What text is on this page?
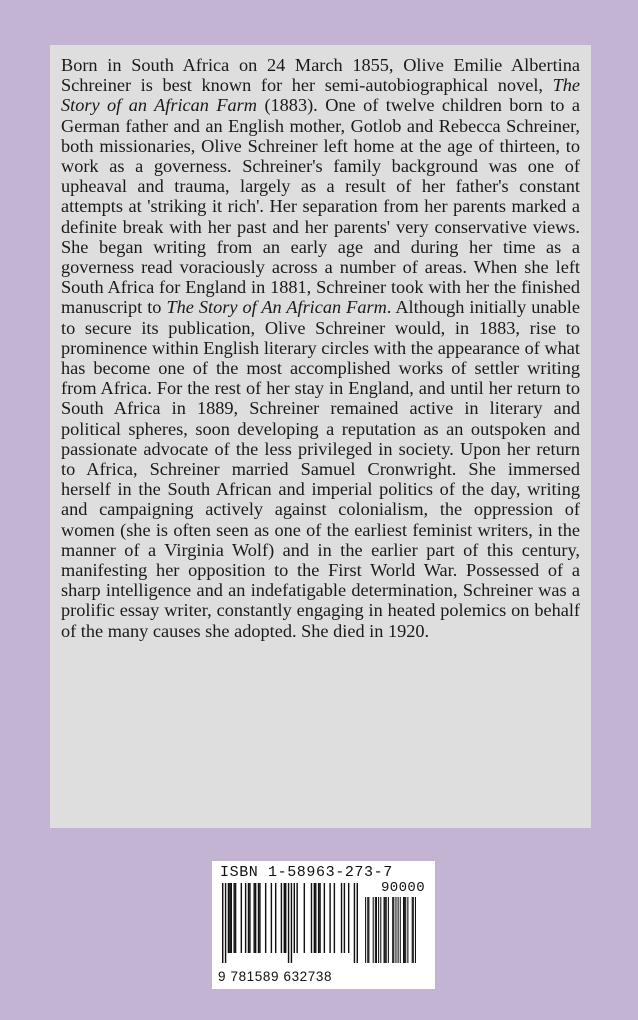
Born in South Africa on 24 March 1855, Olive Emilie Albertina Schreiner is best known for her semi-autobiographical novel, The Story of an African Farm (1883). One of twelve children born to a German father and an English mother, Gotlob and Rebecca Schreiner, both missionaries, Olive Schreiner left home at the age of thirteen, to work as a governess. Schreiner's family background was one of upheaval and trauma, largely as a result of her father's constant attempts at 'striking it rich'. Her separation from her parents marked a definite break with her past and her parents' very conservative views. She began writing from an early age and during her time as a governess read voraciously across a number of areas. When she left South Africa for England in 1881, Schreiner took with her the finished manuscript to The Story of An African Farm. Although initially unable to secure its publication, Olive Schreiner would, in 1883, rise to prominence within English literary circles with the appearance of what has become one of the most accomplished works of settler writing from Africa. For the rest of her stay in England, and until her return to South Africa in 1889, Schreiner remained active in literary and political spheres, soon developing a reputation as an outspoken and passionate advocate of the less privileged in society. Upon her return to Africa, Schreiner married Samuel Cronwright. She immersed herself in the South African and imperial politics of the day, writing and campaigning actively against colonialism, the oppression of women (she is often seen as one of the earliest feminist writers, in the manner of a Virginia Wolf) and in the earlier part of this century, manifesting her opposition to the First World War. Possessed of a sharp intelligence and an indefatigable determination, Schreiner was a prolific essay writer, constantly engaging in heated polemics on behalf of the many causes she adopted. She died in 1920.

ISBN 1-58963-273-7
90000
9 781589 632738
